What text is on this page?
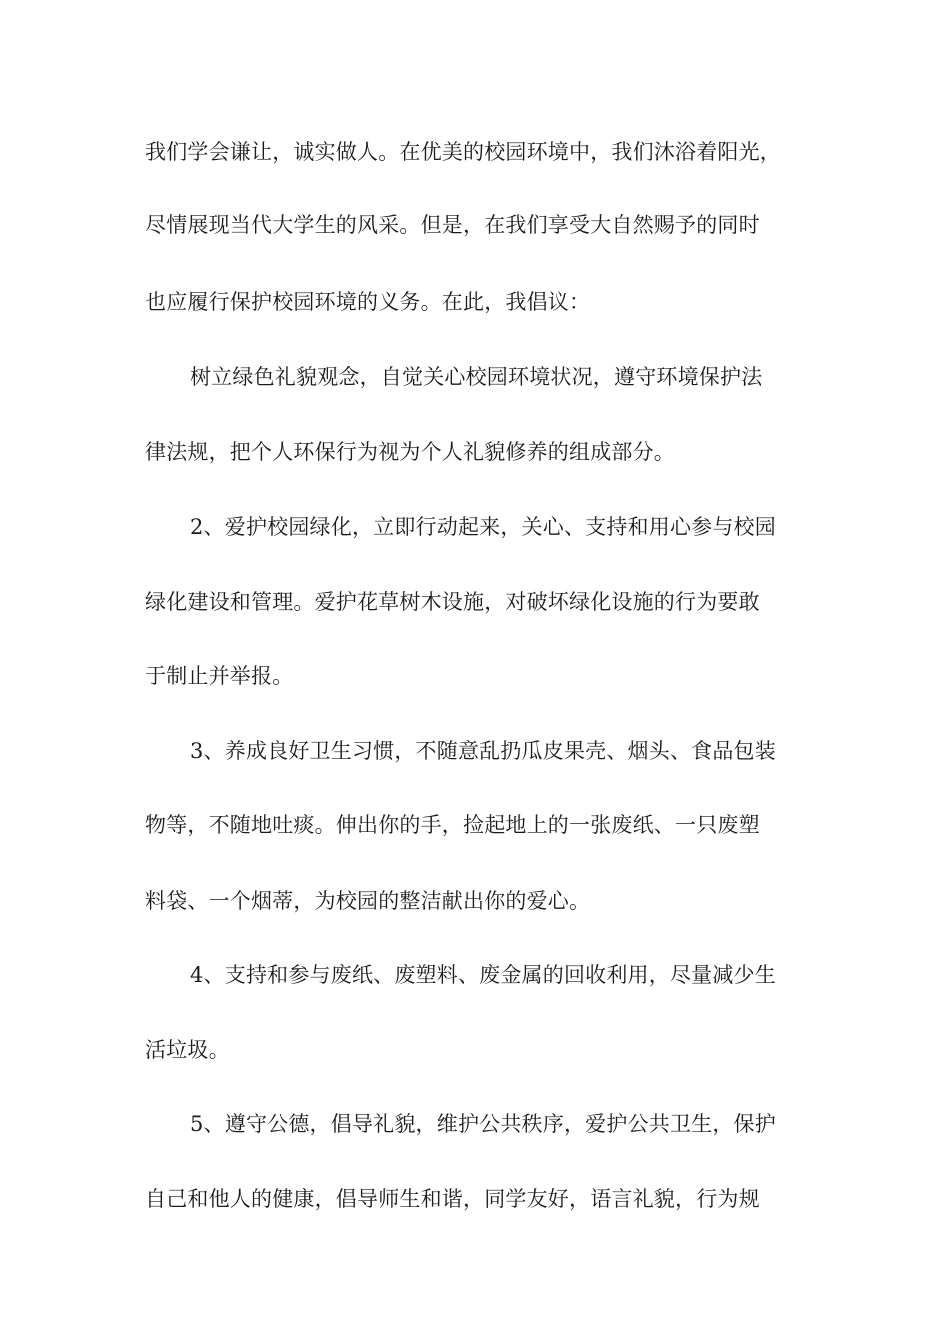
我们学会谦让，诚实做人。在优美的校园环境中，我们沐浴着阳光，
尽情展现当代大学生的风采。但是，在我们享受大自然赐予的同时
也应履行保护校园环境的义务。在此，我倡议：
树立绿色礼貌观念，自觉关心校园环境状况，遵守环境保护法
律法规，把个人环保行为视为个人礼貌修养的组成部分。
2、爱护校园绿化，立即行动起来，关心、支持和用心参与校园
绿化建设和管理。爱护花草树木设施，对破坏绿化设施的行为要敢
于制止并举报。
3、养成良好卫生习惯，不随意乱扔瓜皮果壳、烟头、食品包装
物等，不随地吐痰。伸出你的手，捡起地上的一张废纸、一只废塑
料袋、一个烟蒂，为校园的整洁献出你的爱心。
4、支持和参与废纸、废塑料、废金属的回收利用，尽量减少生
活垃圾。
5、遵守公德，倡导礼貌，维护公共秩序，爱护公共卫生，保护
自己和他人的健康，倡导师生和谐，同学友好，语言礼貌，行为规
